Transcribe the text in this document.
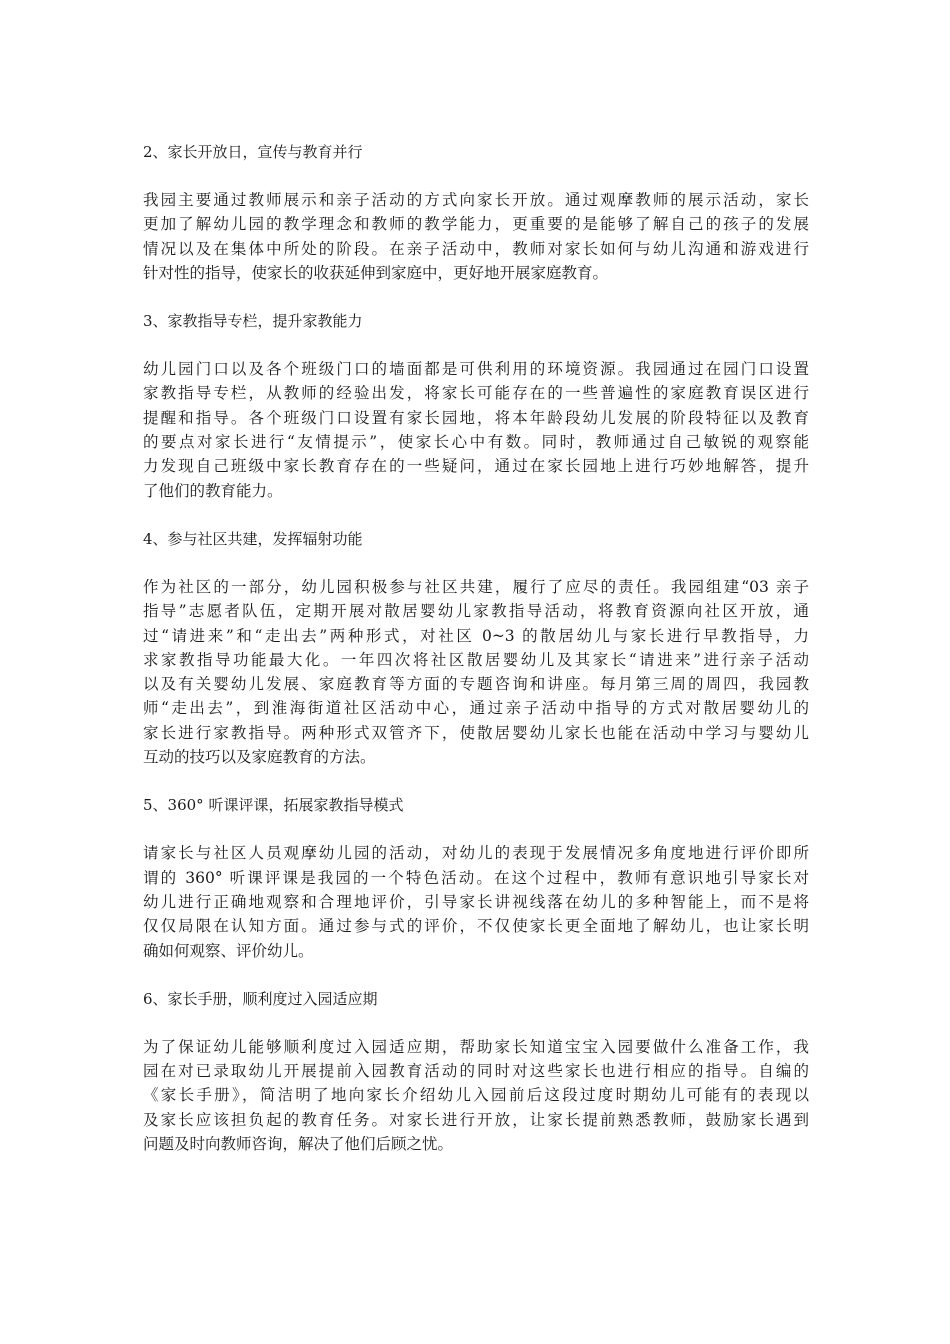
2、家长开放日，宣传与教育并行
我园主要通过教师展示和亲子活动的方式向家长开放。通过观摩教师的展示活动，家长
更加了解幼儿园的教学理念和教师的教学能力，更重要的是能够了解自己的孩子的发展
情况以及在集体中所处的阶段。在亲子活动中，教师对家长如何与幼儿沟通和游戏进行
针对性的指导，使家长的收获延伸到家庭中，更好地开展家庭教育。
3、家教指导专栏，提升家教能力
幼儿园门口以及各个班级门口的墙面都是可供利用的环境资源。我园通过在园门口设置
家教指导专栏，从教师的经验出发，将家长可能存在的一些普遍性的家庭教育误区进行
提醒和指导。各个班级门口设置有家长园地，将本年龄段幼儿发展的阶段特征以及教育
的要点对家长进行“友情提示”，使家长心中有数。同时，教师通过自己敏锐的观察能
力发现自己班级中家长教育存在的一些疑问，通过在家长园地上进行巧妙地解答，提升
了他们的教育能力。
4、参与社区共建，发挥辐射功能
作为社区的一部分，幼儿园积极参与社区共建，履行了应尽的责任。我园组建“03 亲子
指导”志愿者队伍，定期开展对散居婴幼儿家教指导活动，将教育资源向社区开放，通
过“请进来”和“走出去”两种形式，对社区 0~3 的散居幼儿与家长进行早教指导，力
求家教指导功能最大化。一年四次将社区散居婴幼儿及其家长“请进来”进行亲子活动
以及有关婴幼儿发展、家庭教育等方面的专题咨询和讲座。每月第三周的周四，我园教
师“走出去”，到淮海街道社区活动中心，通过亲子活动中指导的方式对散居婴幼儿的
家长进行家教指导。两种形式双管齐下，使散居婴幼儿家长也能在活动中学习与婴幼儿
互动的技巧以及家庭教育的方法。
5、360° 听课评课，拓展家教指导模式
请家长与社区人员观摩幼儿园的活动，对幼儿的表现于发展情况多角度地进行评价即所
谓的 360° 听课评课是我园的一个特色活动。在这个过程中，教师有意识地引导家长对
幼儿进行正确地观察和合理地评价，引导家长讲视线落在幼儿的多种智能上，而不是将
仅仅局限在认知方面。通过参与式的评价，不仅使家长更全面地了解幼儿，也让家长明
确如何观察、评价幼儿。
6、家长手册，顺利度过入园适应期
为了保证幼儿能够顺利度过入园适应期，帮助家长知道宝宝入园要做什么准备工作，我
园在对已录取幼儿开展提前入园教育活动的同时对这些家长也进行相应的指导。自编的
《家长手册》，简洁明了地向家长介绍幼儿入园前后这段过度时期幼儿可能有的表现以
及家长应该担负起的教育任务。对家长进行开放，让家长提前熟悉教师，鼓励家长遇到
问题及时向教师咨询，解决了他们后顾之忧。
